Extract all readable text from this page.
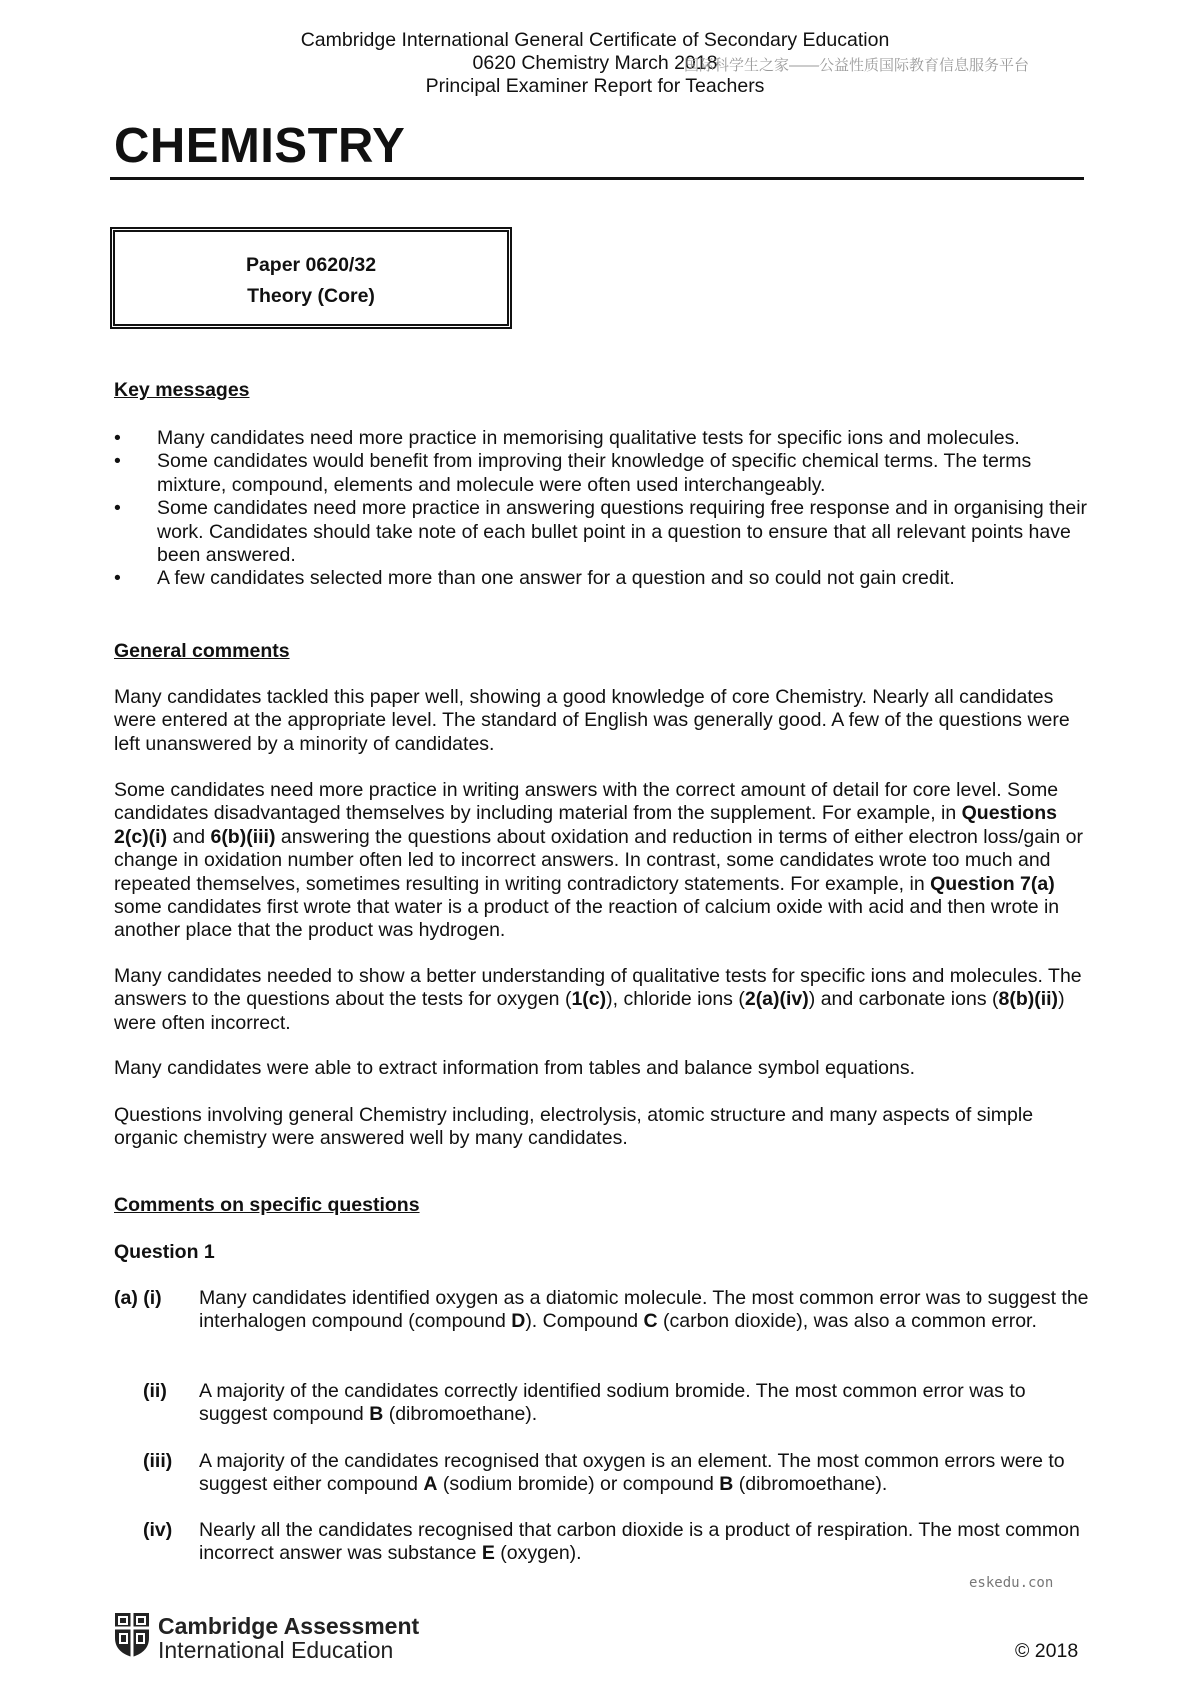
Cambridge International General Certificate of Secondary Education
0620 Chemistry March 2018
Principal Examiner Report for Teachers
国际科学生之家——公益性质国际教育信息服务平台
CHEMISTRY
Paper 0620/32
Theory (Core)
Key messages
• Many candidates need more practice in memorising qualitative tests for specific ions and molecules.
• Some candidates would benefit from improving their knowledge of specific chemical terms. The terms mixture, compound, elements and molecule were often used interchangeably.
• Some candidates need more practice in answering questions requiring free response and in organising their work. Candidates should take note of each bullet point in a question to ensure that all relevant points have been answered.
• A few candidates selected more than one answer for a question and so could not gain credit.
General comments
Many candidates tackled this paper well, showing a good knowledge of core Chemistry. Nearly all candidates were entered at the appropriate level. The standard of English was generally good. A few of the questions were left unanswered by a minority of candidates.
Some candidates need more practice in writing answers with the correct amount of detail for core level. Some candidates disadvantaged themselves by including material from the supplement. For example, in Questions 2(c)(i) and 6(b)(iii) answering the questions about oxidation and reduction in terms of either electron loss/gain or change in oxidation number often led to incorrect answers. In contrast, some candidates wrote too much and repeated themselves, sometimes resulting in writing contradictory statements. For example, in Question 7(a) some candidates first wrote that water is a product of the reaction of calcium oxide with acid and then wrote in another place that the product was hydrogen.
Many candidates needed to show a better understanding of qualitative tests for specific ions and molecules. The answers to the questions about the tests for oxygen (1(c)), chloride ions (2(a)(iv)) and carbonate ions (8(b)(ii)) were often incorrect.
Many candidates were able to extract information from tables and balance symbol equations.
Questions involving general Chemistry including, electrolysis, atomic structure and many aspects of simple organic chemistry were answered well by many candidates.
Comments on specific questions
Question 1
(a) (i) Many candidates identified oxygen as a diatomic molecule. The most common error was to suggest the interhalogen compound (compound D). Compound C (carbon dioxide), was also a common error.
(ii) A majority of the candidates correctly identified sodium bromide. The most common error was to suggest compound B (dibromoethane).
(iii) A majority of the candidates recognised that oxygen is an element. The most common errors were to suggest either compound A (sodium bromide) or compound B (dibromoethane).
(iv) Nearly all the candidates recognised that carbon dioxide is a product of respiration. The most common incorrect answer was substance E (oxygen).
eskedu.con
Cambridge Assessment
International Education	© 2018
